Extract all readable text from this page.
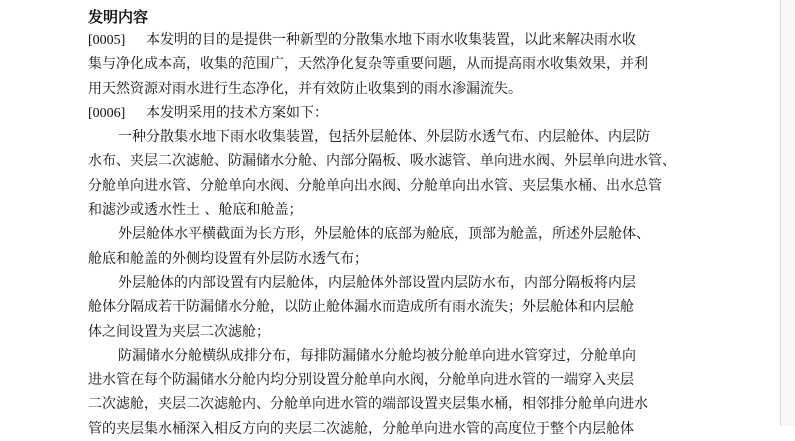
发明内容
[0005] 本发明的目的是提供一种新型的分散集水地下雨水收集装置，以此来解决雨水收
集与净化成本高，收集的范围广，天然净化复杂等重要问题，从而提高雨水收集效果，并利
用天然资源对雨水进行生态净化，并有效防止收集到的雨水渗漏流失。
[0006] 本发明采用的技术方案如下：
一种分散集水地下雨水收集装置，包括外层舱体、外层防水透气布、内层舱体、内层防
水布、夹层二次滤舱、防漏储水分舱、内部分隔板、吸水滤管、单向进水阀、外层单向进水管、
分舱单向进水管、分舱单向水阀、分舱单向出水阀、分舱单向出水管、夹层集水桶、出水总管
和滤沙或透水性土 、舱底和舱盖；
外层舱体水平横截面为长方形，外层舱体的底部为舱底，顶部为舱盖，所述外层舱体、
舱底和舱盖的外侧均设置有外层防水透气布；
外层舱体的内部设置有内层舱体，内层舱体外部设置内层防水布，内部分隔板将内层
舱体分隔成若干防漏储水分舱，以防止舱体漏水而造成所有雨水流失；外层舱体和内层舱
体之间设置为夹层二次滤舱；
防漏储水分舱横纵成排分布，每排防漏储水分舱均被分舱单向进水管穿过，分舱单向
进水管在每个防漏储水分舱内均分别设置分舱单向水阀，分舱单向进水管的一端穿入夹层
二次滤舱，夹层二次滤舱内、分舱单向进水管的端部设置夹层集水桶，相邻排分舱单向进水
管的夹层集水桶深入相反方向的夹层二次滤舱，分舱单向进水管的高度位于整个内层舱体
